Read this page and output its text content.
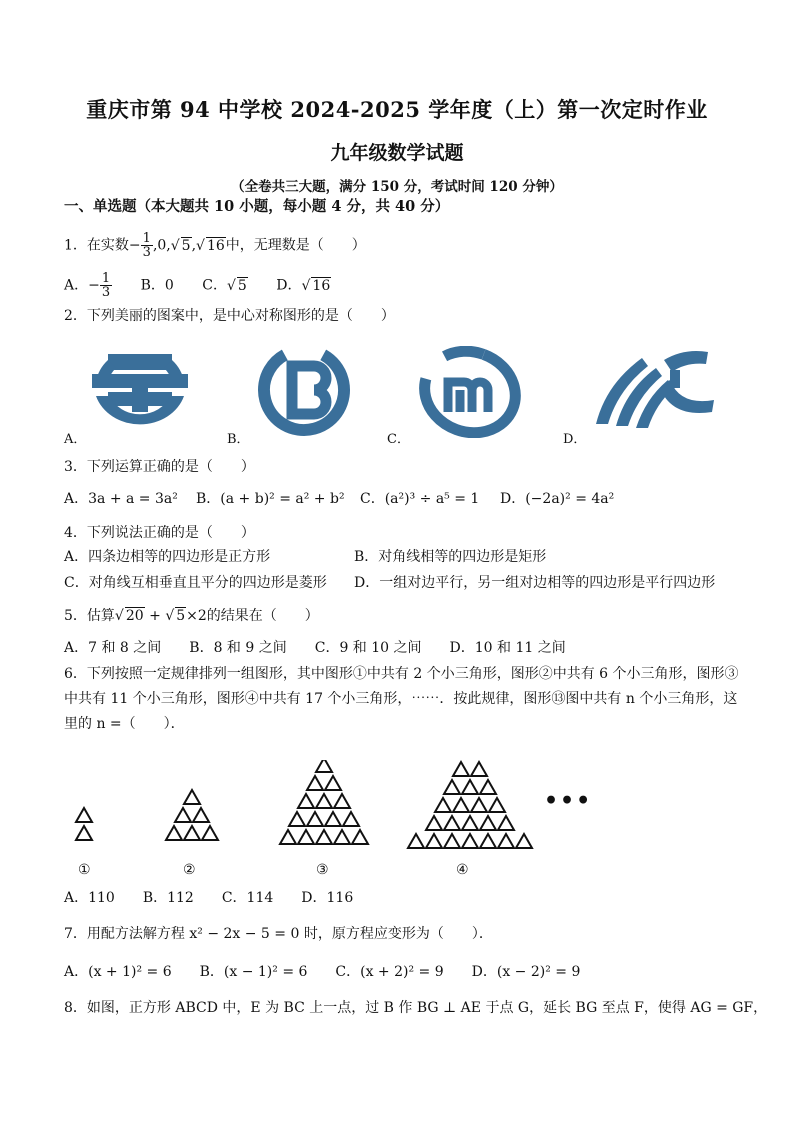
重庆市第 94 中学校 2024-2025 学年度（上）第一次定时作业
九年级数学试题
（全卷共三大题，满分 150 分，考试时间 120 分钟）
一、单选题（本大题共 10 小题，每小题 4 分，共 40 分）
1．在实数− $\frac{1}{3} ,0,√$ 5,√ 16中，无理数是（　　）
A．− $\frac{1}{3}$ B．0 C．√ 5 D．√ 16
2．下列美丽的图案中，是中心对称图形的是（　　）
A．	B．	C．	D．
3．下列运算正确的是（　　）
A．3a + a = 3a² B．(a + b)² = a² + b² C．(a²)³ ÷ a⁵ = 1 D．(−2a)² = 4a²
4．下列说法正确的是（　　）
A．四条边相等的四边形是正方形	B．对角线相等的四边形是矩形
C．对角线互相垂直且平分的四边形是菱形 D．一组对边平行，另一组对边相等的四边形是平行四边形
5．估算√ 20 + √ 5×2的结果在（　　）
A．7 和 8 之间　　B．8 和 9 之间　　C．9 和 10 之间　　D．10 和 11 之间
6．下列按照一定规律排列一组图形，其中图形①中共有 2 个小三角形，图形②中共有 6 个小三角形，图形③
中共有 11 个小三角形，图形④中共有 17 个小三角形，⋯⋯．按此规律，图形⑬图中共有 n 个小三角形，这
里的 n =（　　）．
①	②	③	④
•••
A．110　　B．112　　C．114　　D．116
7．用配方法解方程 x² − 2x − 5 = 0 时，原方程应变形为（　　）．
A．(x + 1)² = 6　　B．(x − 1)² = 6　　C．(x + 2)² = 9　　D．(x − 2)² = 9
8．如图，正方形 ABCD 中，E 为 BC 上一点，过 B 作 BG ⊥ AE 于点 G，延长 BG 至点 F，使得 AG = GF，
